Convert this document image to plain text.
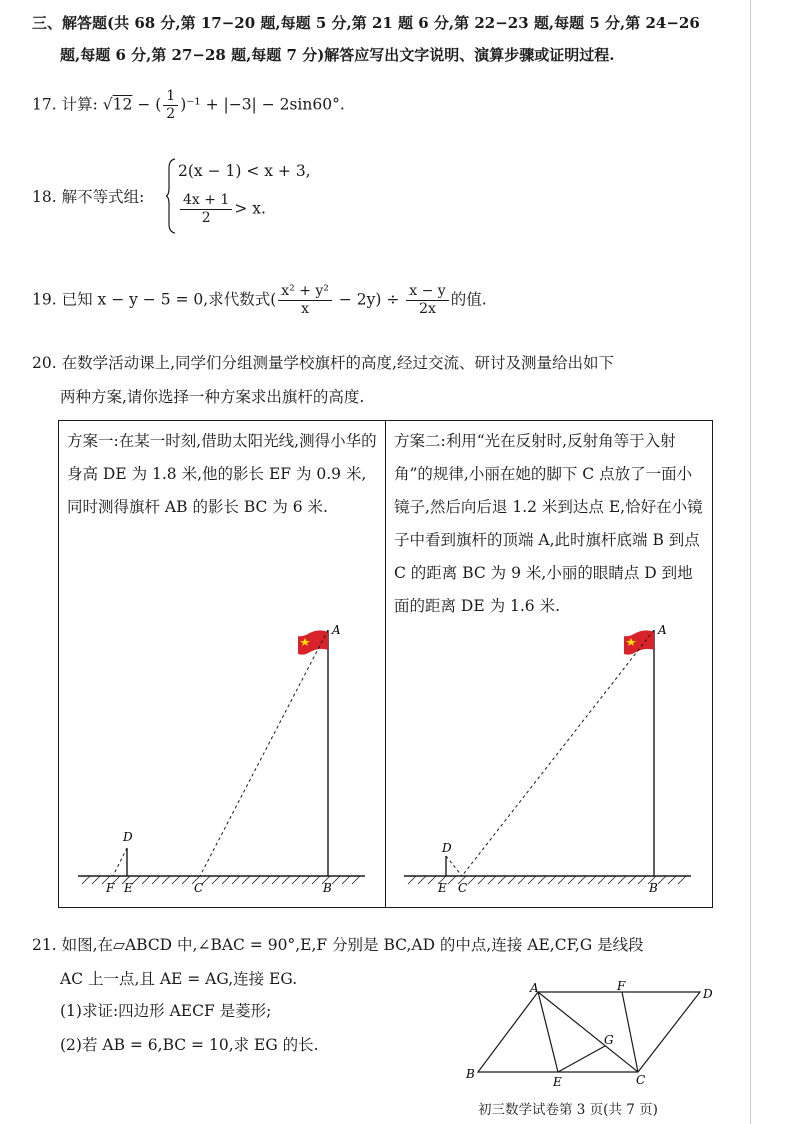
三、解答题(共 68 分,第 17−20 题,每题 5 分,第 21 题 6 分,第 22−23 题,每题 5 分,第 24−26
题,每题 6 分,第 27−28 题,每题 7 分)解答应写出文字说明、演算步骤或证明过程.
17. 计算: √12 − ( $\frac{1}{2} )^{-1} + |-3| - 2\sin 60^\circ$.
18. 解不等式组:
2(x − 1) < x + 3,
$\frac{4x + 1}{2} > x$.
19. 已知 x − y − 5 = 0,求代数式( $\frac{\text{x² + y²}}{x} - 2y) \div \frac{x - y}{2x}$ 的值.
20. 在数学活动课上,同学们分组测量学校旗杆的高度,经过交流、研讨及测量给出如下
两种方案,请你选择一种方案求出旗杆的高度.
方案一:在某一时刻,借助太阳光线,测得小华的身高 DE 为 1.8 米,他的影长 EF 为 0.9 米,同时测得旗杆 AB 的影长 BC 为 6 米.

方案二:利用“光在反射时,反射角等于入射角”的规律,小丽在她的脚下 C 点放了一面小镜子,然后向后退 1.2 米到达点 E,恰好在小镜子中看到旗杆的顶端 A,此时旗杆底端 B 到点 C 的距离 BC 为 9 米,小丽的眼睛点 D 到地面的距离 DE 为 1.6 米.
A
B
C
D
E
F
A
B
C
D
E
21. 如图,在▱ABCD 中,∠BAC = 90°,E,F 分别是 BC,AD 的中点,连接 AE,CF,G 是线段
AC 上一点,且 AE = AG,连接 EG.
(1)求证:四边形 AECF 是菱形;
(2)若 AB = 6,BC = 10,求 EG 的长.
A
B	C
D
E
F
G
初三数学试卷第 3 页(共 7 页)
